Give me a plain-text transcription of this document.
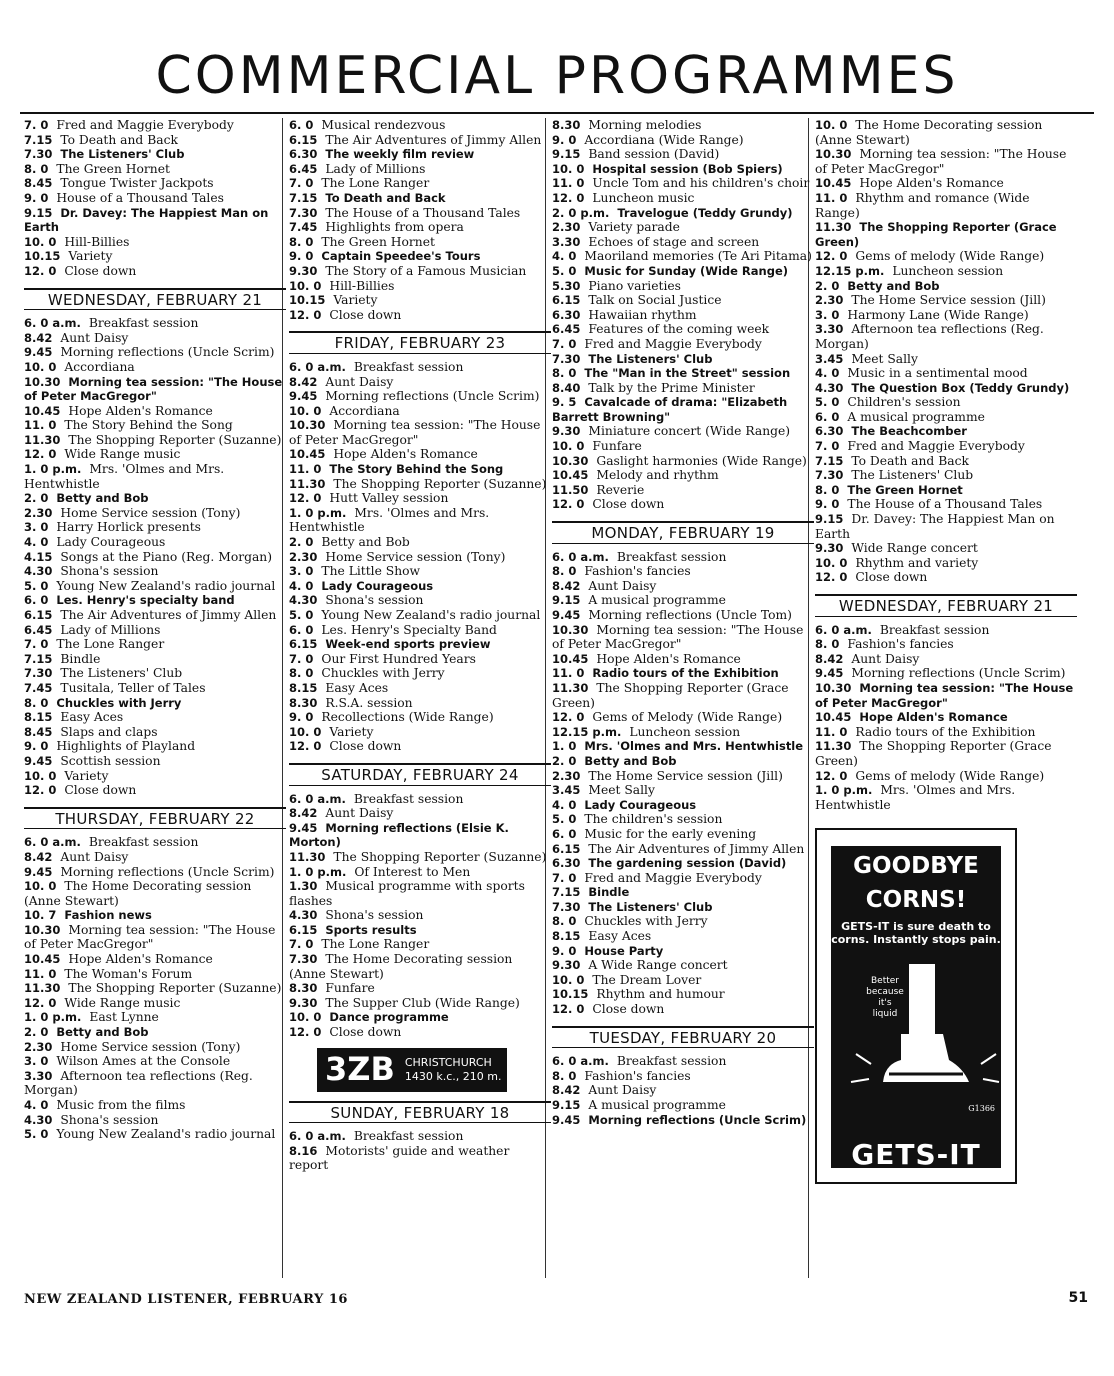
COMMERCIAL PROGRAMMES
7. 0 Fred and Maggie Everybody
7.15 To Death and Back
7.30 The Listeners' Club
8. 0 The Green Hornet
8.45 Tongue Twister Jackpots
9. 0 House of a Thousand Tales
9.15 Dr. Davey: The Happiest Man on Earth
10. 0 Hill-Billies
10.15 Variety
12. 0 Close down
WEDNESDAY, FEBRUARY 21
6. 0 a.m. Breakfast session
8.42 Aunt Daisy
9.45 Morning reflections (Uncle Scrim)
10. 0 Accordiana
10.30 Morning tea session: "The House of Peter MacGregor"
10.45 Hope Alden's Romance
11. 0 The Story Behind the Song
11.30 The Shopping Reporter (Suzanne)
12. 0 Wide Range music
1. 0 p.m. Mrs. 'Olmes and Mrs. Hentwhistle
2. 0 Betty and Bob
2.30 Home Service session (Tony)
3. 0 Harry Horlick presents
4. 0 Lady Courageous
4.15 Songs at the Piano (Reg. Morgan)
4.30 Shona's session
5. 0 Young New Zealand's radio journal
6. 0 Les. Henry's specialty band
6.15 The Air Adventures of Jimmy Allen
6.45 Lady of Millions
7. 0 The Lone Ranger
7.15 Bindle
7.30 The Listeners' Club
7.45 Tusitala, Teller of Tales
8. 0 Chuckles with Jerry
8.15 Easy Aces
8.45 Slaps and claps
9. 0 Highlights of Playland
9.45 Scottish session
10. 0 Variety
12. 0 Close down
THURSDAY, FEBRUARY 22
6. 0 a.m. Breakfast session
8.42 Aunt Daisy
9.45 Morning reflections (Uncle Scrim)
10. 0 The Home Decorating session (Anne Stewart)
10. 7 Fashion news
10.30 Morning tea session: "The House of Peter MacGregor"
10.45 Hope Alden's Romance
11. 0 The Woman's Forum
11.30 The Shopping Reporter (Suzanne)
12. 0 Wide Range music
1. 0 p.m. East Lynne
2. 0 Betty and Bob
2.30 Home Service session (Tony)
3. 0 Wilson Ames at the Console
3.30 Afternoon tea reflections (Reg. Morgan)
4. 0 Music from the films
4.30 Shona's session
5. 0 Young New Zealand's radio journal
6. 0 Musical rendezvous
6.15 The Air Adventures of Jimmy Allen
6.30 The weekly film review
6.45 Lady of Millions
7. 0 The Lone Ranger
7.15 To Death and Back
7.30 The House of a Thousand Tales
7.45 Highlights from opera
8. 0 The Green Hornet
9. 0 Captain Speedee's Tours
9.30 The Story of a Famous Musician
10. 0 Hill-Billies
10.15 Variety
12. 0 Close down
FRIDAY, FEBRUARY 23
6. 0 a.m. Breakfast session
8.42 Aunt Daisy
9.45 Morning reflections (Uncle Scrim)
10. 0 Accordiana
10.30 Morning tea session: "The House of Peter MacGregor"
10.45 Hope Alden's Romance
11. 0 The Story Behind the Song
11.30 The Shopping Reporter (Suzanne)
12. 0 Hutt Valley session
1. 0 p.m. Mrs. 'Olmes and Mrs. Hentwhistle
2. 0 Betty and Bob
2.30 Home Service session (Tony)
3. 0 The Little Show
4. 0 Lady Courageous
4.30 Shona's session
5. 0 Young New Zealand's radio journal
6. 0 Les. Henry's Specialty Band
6.15 Week-end sports preview
7. 0 Our First Hundred Years
8. 0 Chuckles with Jerry
8.15 Easy Aces
8.30 R.S.A. session
9. 0 Recollections (Wide Range)
10. 0 Variety
12. 0 Close down
SATURDAY, FEBRUARY 24
6. 0 a.m. Breakfast session
8.42 Aunt Daisy
9.45 Morning reflections (Elsie K. Morton)
11.30 The Shopping Reporter (Suzanne)
1. 0 p.m. Of Interest to Men
1.30 Musical programme with sports flashes
4.30 Shona's session
6.15 Sports results
7. 0 The Lone Ranger
7.30 The Home Decorating session (Anne Stewart)
8.30 Funfare
9.30 The Supper Club (Wide Range)
10. 0 Dance programme
12. 0 Close down
3ZB CHRISTCHURCH
1430 k.c., 210 m.
SUNDAY, FEBRUARY 18
6. 0 a.m. Breakfast session
8.16 Motorists' guide and weather report
8.30 Morning melodies
9. 0 Accordiana (Wide Range)
9.15 Band session (David)
10. 0 Hospital session (Bob Spiers)
11. 0 Uncle Tom and his children's choir
12. 0 Luncheon music
2. 0 p.m. Travelogue (Teddy Grundy)
2.30 Variety parade
3.30 Echoes of stage and screen
4. 0 Maoriland memories (Te Ari Pitama)
5. 0 Music for Sunday (Wide Range)
5.30 Piano varieties
6.15 Talk on Social Justice
6.30 Hawaiian rhythm
6.45 Features of the coming week
7. 0 Fred and Maggie Everybody
7.30 The Listeners' Club
8. 0 The "Man in the Street" session
8.40 Talk by the Prime Minister
9. 5 Cavalcade of drama: "Elizabeth Barrett Browning"
9.30 Miniature concert (Wide Range)
10. 0 Funfare
10.30 Gaslight harmonies (Wide Range)
10.45 Melody and rhythm
11.50 Reverie
12. 0 Close down
MONDAY, FEBRUARY 19
6. 0 a.m. Breakfast session
8. 0 Fashion's fancies
8.42 Aunt Daisy
9.15 A musical programme
9.45 Morning reflections (Uncle Tom)
10.30 Morning tea session: "The House of Peter MacGregor"
10.45 Hope Alden's Romance
11. 0 Radio tours of the Exhibition
11.30 The Shopping Reporter (Grace Green)
12. 0 Gems of Melody (Wide Range)
12.15 p.m. Luncheon session
1. 0 Mrs. 'Olmes and Mrs. Hentwhistle
2. 0 Betty and Bob
2.30 The Home Service session (Jill)
3.45 Meet Sally
4. 0 Lady Courageous
5. 0 The children's session
6. 0 Music for the early evening
6.15 The Air Adventures of Jimmy Allen
6.30 The gardening session (David)
7. 0 Fred and Maggie Everybody
7.15 Bindle
7.30 The Listeners' Club
8. 0 Chuckles with Jerry
8.15 Easy Aces
9. 0 House Party
9.30 A Wide Range concert
10. 0 The Dream Lover
10.15 Rhythm and humour
12. 0 Close down
TUESDAY, FEBRUARY 20
6. 0 a.m. Breakfast session
8. 0 Fashion's fancies
8.42 Aunt Daisy
9.15 A musical programme
9.45 Morning reflections (Uncle Scrim)
10. 0 The Home Decorating session (Anne Stewart)
10.30 Morning tea session: "The House of Peter MacGregor"
10.45 Hope Alden's Romance
11. 0 Rhythm and romance (Wide Range)
11.30 The Shopping Reporter (Grace Green)
12. 0 Gems of melody (Wide Range)
12.15 p.m. Luncheon session
2. 0 Betty and Bob
2.30 The Home Service session (Jill)
3. 0 Harmony Lane (Wide Range)
3.30 Afternoon tea reflections (Reg. Morgan)
3.45 Meet Sally
4. 0 Music in a sentimental mood
4.30 The Question Box (Teddy Grundy)
5. 0 Children's session
6. 0 A musical programme
6.30 The Beachcomber
7. 0 Fred and Maggie Everybody
7.15 To Death and Back
7.30 The Listeners' Club
8. 0 The Green Hornet
9. 0 The House of a Thousand Tales
9.15 Dr. Davey: The Happiest Man on Earth
9.30 Wide Range concert
10. 0 Rhythm and variety
12. 0 Close down
WEDNESDAY, FEBRUARY 21
6. 0 a.m. Breakfast session
8. 0 Fashion's fancies
8.42 Aunt Daisy
9.45 Morning reflections (Uncle Scrim)
10.30 Morning tea session: "The House of Peter MacGregor"
10.45 Hope Alden's Romance
11. 0 Radio tours of the Exhibition
11.30 The Shopping Reporter (Grace Green)
12. 0 Gems of melody (Wide Range)
1. 0 p.m. Mrs. 'Olmes and Mrs. Hentwhistle
GOODBYE
CORNS!
GETS-IT is sure death to corns. Instantly stops pain.
Better because it's liquid
G1366
GETS-IT
NEW ZEALAND LISTENER, FEBRUARY 16	51
